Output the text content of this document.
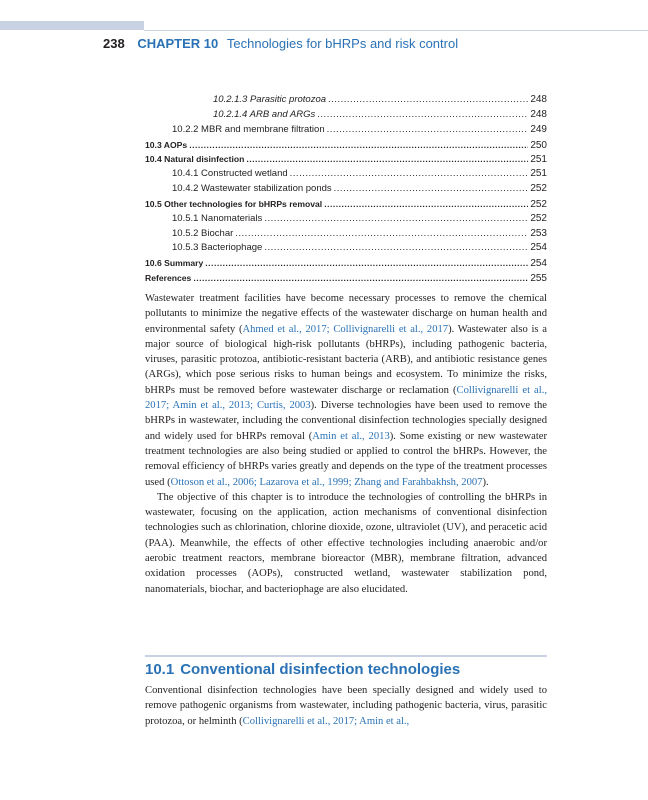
238 CHAPTER 10 Technologies for bHRPs and risk control
10.2.1.3 Parasitic protozoa .....	248
10.2.1.4 ARB and ARGs .....	248
10.2.2 MBR and membrane filtration .....	249
10.3 AOPs .....	250
10.4 Natural disinfection .....	251
10.4.1 Constructed wetland .....	251
10.4.2 Wastewater stabilization ponds .....	252
10.5 Other technologies for bHRPs removal .....	252
10.5.1 Nanomaterials .....	252
10.5.2 Biochar .....	253
10.5.3 Bacteriophage .....	254
10.6 Summary .....	254
References .....	255

Wastewater treatment facilities have become necessary processes to remove the chemical pollutants to minimize the negative effects of the wastewater discharge on human health and environmental safety (Ahmed et al., 2017; Collivignarelli et al., 2017). Wastewater also is a major source of biological high-risk pollutants (bHRPs), including pathogenic bacteria, viruses, parasitic protozoa, antibiotic-resistant bacteria (ARB), and antibiotic resistance genes (ARGs), which pose serious risks to human beings and ecosystem. To minimize the risks, bHRPs must be removed before wastewater discharge or reclamation (Collivignarelli et al., 2017; Amin et al., 2013; Curtis, 2003). Diverse technologies have been used to remove the bHRPs in wastewater, including the conventional disinfection technologies specially designed and widely used for bHRPs removal (Amin et al., 2013). Some existing or new wastewater treatment technologies are also being studied or applied to control the bHRPs. However, the removal efficiency of bHRPs varies greatly and depends on the type of the treatment processes used (Ottoson et al., 2006; Lazarova et al., 1999; Zhang and Farahbakhsh, 2007).

The objective of this chapter is to introduce the technologies of controlling the bHRPs in wastewater, focusing on the application, action mechanisms of conventional disinfection technologies such as chlorination, chlorine dioxide, ozone, ultraviolet (UV), and peracetic acid (PAA). Meanwhile, the effects of other effective technologies including anaerobic and/or aerobic treatment reactors, membrane bioreactor (MBR), membrane filtration, advanced oxidation processes (AOPs), constructed wetland, wastewater stabilization pond, nanomaterials, biochar, and bacteriophage are also elucidated.

10.1 Conventional disinfection technologies

Conventional disinfection technologies have been specially designed and widely used to remove pathogenic organisms from wastewater, including pathogenic bacteria, virus, parasitic protozoa, or helminth (Collivignarelli et al., 2017; Amin et al.,
